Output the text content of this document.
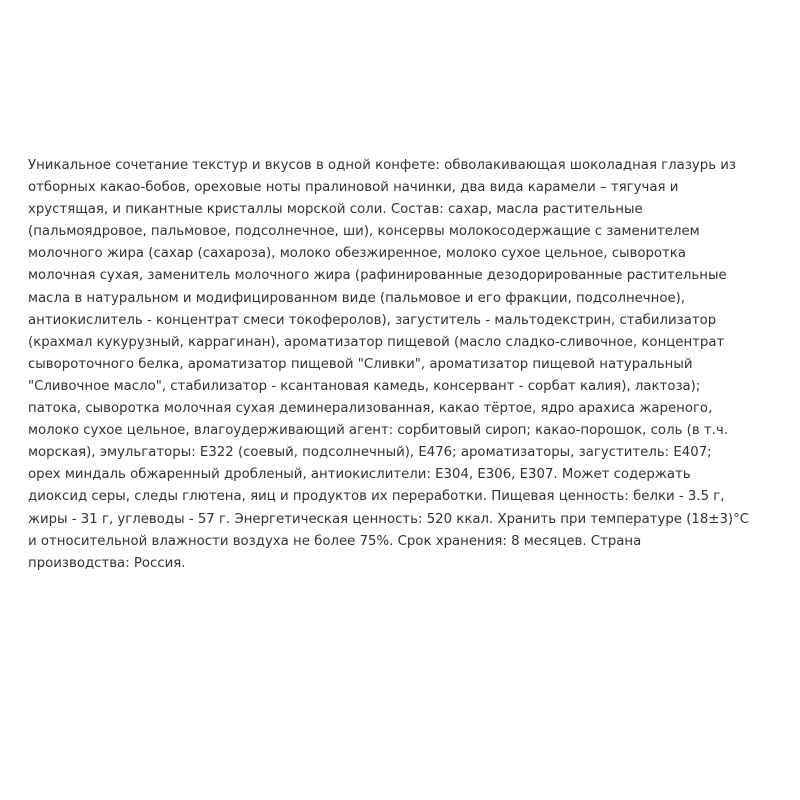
Уникальное сочетание текстур и вкусов в одной конфете: обволакивающая шоколадная глазурь из
отборных какао-бобов, ореховые ноты пралиновой начинки, два вида карамели – тягучая и
хрустящая, и пикантные кристаллы морской соли. Состав: сахар, масла растительные
(пальмоядровое, пальмовое, подсолнечное, ши), консервы молокосодержащие с заменителем
молочного жира (сахар (сахароза), молоко обезжиренное, молоко сухое цельное, сыворотка
молочная сухая, заменитель молочного жира (рафинированные дезодорированные растительные
масла в натуральном и модифицированном виде (пальмовое и его фракции, подсолнечное),
антиокислитель - концентрат смеси токоферолов), загуститель - мальтодекстрин, стабилизатор
(крахмал кукурузный, каррагинан), ароматизатор пищевой (масло сладко-сливочное, концентрат
сывороточного белка, ароматизатор пищевой "Сливки", ароматизатор пищевой натуральный
"Сливочное масло", стабилизатор - ксантановая камедь, консервант - сорбат калия), лактоза);
патока, сыворотка молочная сухая деминерализованная, какао тёртое, ядро арахиса жареного,
молоко сухое цельное, влагоудерживающий агент: сорбитовый сироп; какао-порошок, соль (в т.ч.
морская), эмульгаторы: Е322 (соевый, подсолнечный), Е476; ароматизаторы, загуститель: Е407;
орех миндаль обжаренный дробленый, антиокислители: Е304, Е306, Е307. Может содержать
диоксид серы, следы глютена, яиц и продуктов их переработки. Пищевая ценность: белки - 3.5 г,
жиры - 31 г, углеводы - 57 г. Энергетическая ценность: 520 ккал. Хранить при температуре (18±3)°С
и относительной влажности воздуха не более 75%. Срок хранения: 8 месяцев. Страна
производства: Россия.
